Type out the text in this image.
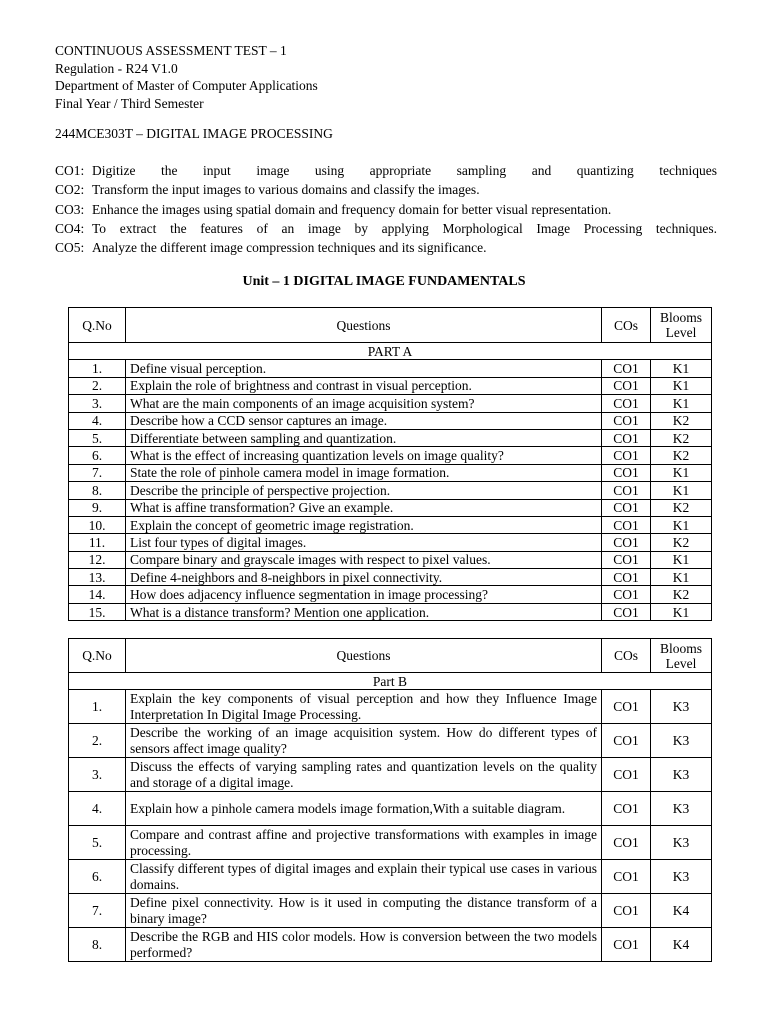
CONTINUOUS ASSESSMENT TEST – 1
Regulation - R24 V1.0
Department of Master of Computer Applications
Final Year / Third Semester
244MCE303T – DIGITAL IMAGE PROCESSING
CO1: Digitize the input image using appropriate sampling and quantizing techniques
CO2: Transform the input images to various domains and classify the images.
CO3: Enhance the images using spatial domain and frequency domain for better visual representation.
CO4: To extract the features of an image by applying Morphological Image Processing techniques.
CO5: Analyze the different image compression techniques and its significance.
Unit – 1 DIGITAL IMAGE FUNDAMENTALS
Q.No	Questions	COs	Blooms
Level
PART A			
1.	Define visual perception.	CO1	K1
2.	Explain the role of brightness and contrast in visual perception.	CO1	K1
3.	What are the main components of an image acquisition system?	CO1	K1
4.	Describe how a CCD sensor captures an image.	CO1	K2
5.	Differentiate between sampling and quantization.	CO1	K2
6.	What is the effect of increasing quantization levels on image quality?	CO1	K2
7.	State the role of pinhole camera model in image formation.	CO1	K1
8.	Describe the principle of perspective projection.	CO1	K1
9.	What is affine transformation? Give an example.	CO1	K2
10.	Explain the concept of geometric image registration.	CO1	K1
11.	List four types of digital images.	CO1	K2
12.	Compare binary and grayscale images with respect to pixel values.	CO1	K1
13.	Define 4-neighbors and 8-neighbors in pixel connectivity.	CO1	K1
14.	How does adjacency influence segmentation in image processing?	CO1	K2
15.	What is a distance transform? Mention one application.	CO1	K1
Q.No	Questions	COs	Blooms
Level
Part B			
1.	Explain the key components of visual perception and how they Influence Image Interpretation In Digital Image Processing.	CO1	K3
2.	Describe the working of an image acquisition system. How do different types of sensors affect image quality?	CO1	K3
3.	Discuss the effects of varying sampling rates and quantization levels on the quality and storage of a digital image.	CO1	K3
4.	Explain how a pinhole camera models image formation,With a suitable diagram.	CO1	K3
5.	Compare and contrast affine and projective transformations with examples in image processing.	CO1	K3
6.	Classify different types of digital images and explain their typical use cases in various domains.	CO1	K3
7.	Define pixel connectivity. How is it used in computing the distance transform of a binary image?	CO1	K4
8.	Describe the RGB and HIS color models. How is conversion between the two models performed?	CO1	K4
